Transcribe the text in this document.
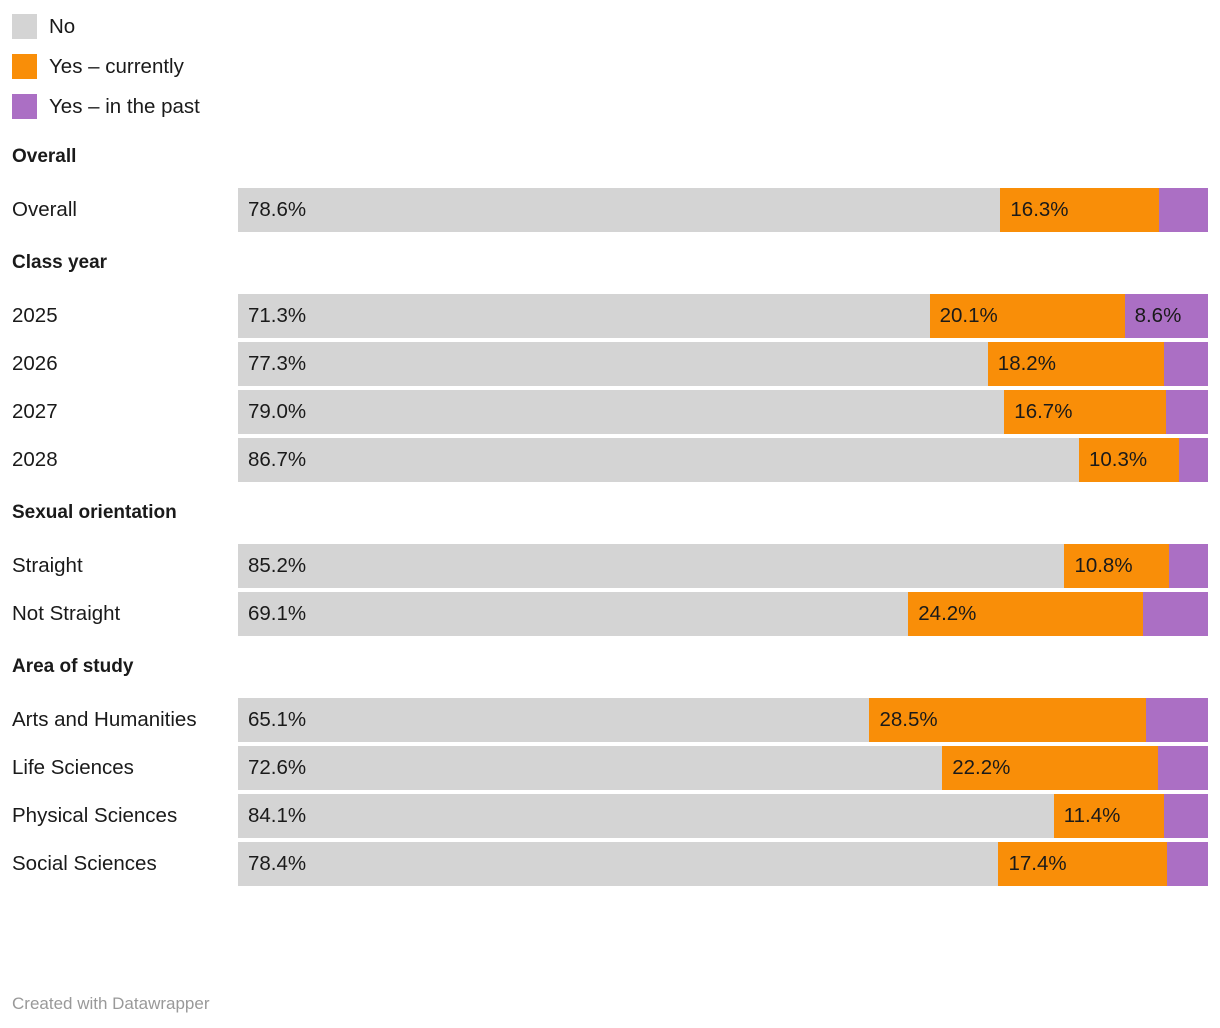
No
Yes – currently
Yes – in the past
Overall
Overall	78.6%	16.3%
Class year
2025	71.3%	20.1%	8.6%
2026	77.3%	18.2%
2027	79.0%	16.7%
2028	86.7%	10.3%
Sexual orientation
Straight	85.2%	10.8%
Not Straight	69.1%	24.2%
Area of study
Arts and Humanities	65.1%	28.5%
Life Sciences	72.6%	22.2%
Physical Sciences	84.1%	11.4%
Social Sciences	78.4%	17.4%
Created with Datawrapper
